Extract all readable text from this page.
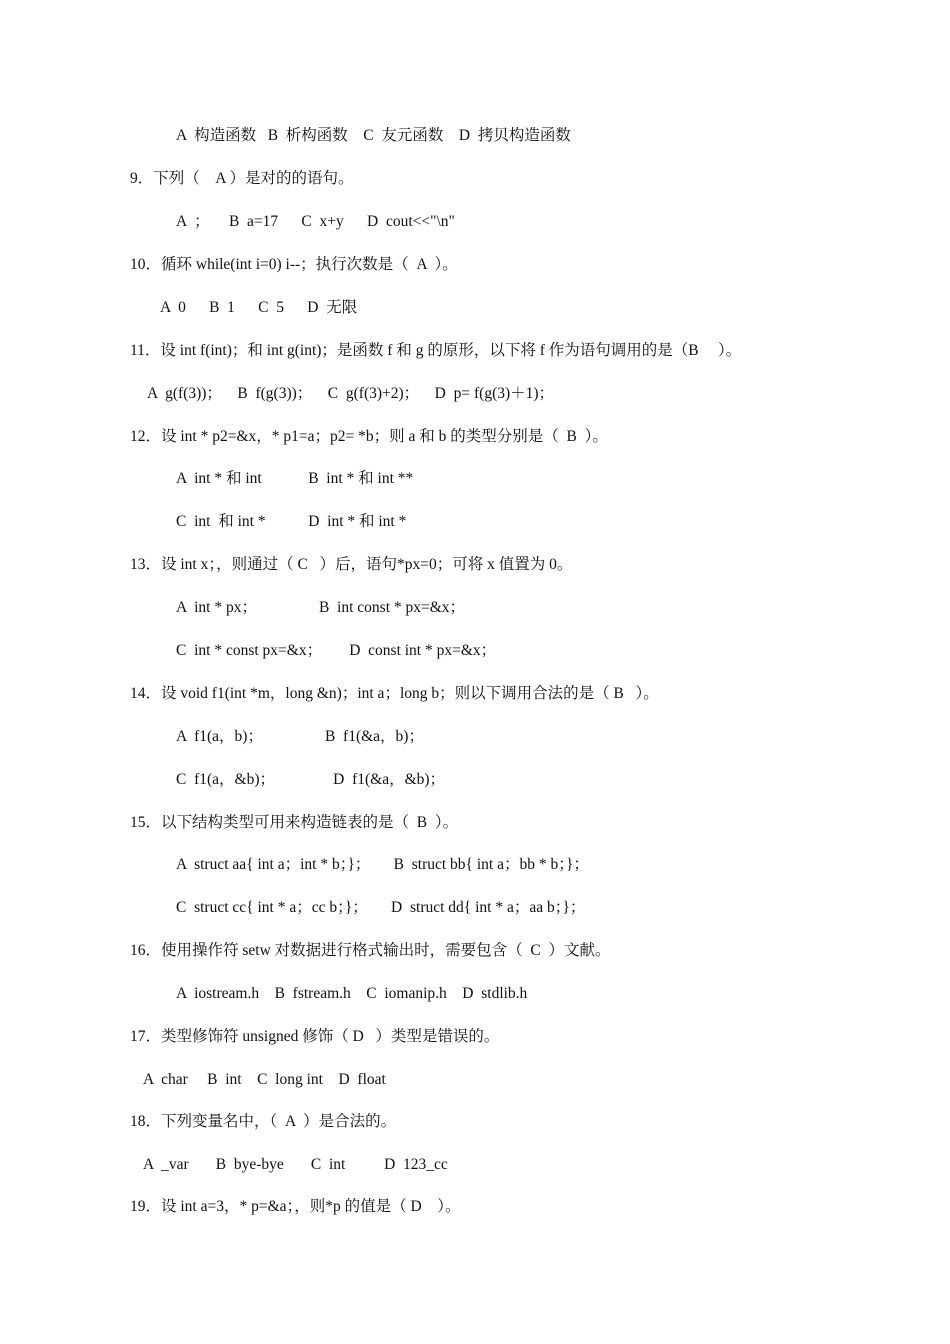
A  构造函数   B  析构函数    C  友元函数    D  拷贝构造函数
9．下列（    A ）是对的的语句。
A  ；     B  a=17      C  x+y      D  cout<<"\n"
10．循环 while(int i=0) i--；执行次数是（  A  ）。
A  0      B  1      C  5      D  无限
11．设 int f(int)；和 int g(int)；是函数 f 和 g 的原形，以下将 f 作为语句调用的是（B     ）。
A  g(f(3))；    B  f(g(3))；    C  g(f(3)+2)；    D  p= f(g(3)＋1)；
12．设 int * p2=&x，* p1=a；p2= *b；则 a 和 b 的类型分别是（  B  ）。
A  int * 和 int            B  int * 和 int **
C  int  和 int *           D  int * 和 int *
13．设 int x；，则通过（ C   ）后，语句*px=0；可将 x 值置为 0。
A  int * px；                B  int const * px=&x；
C  int * const px=&x；       D  const int * px=&x；
14．设 void f1(int *m，long &n)；int a；long b；则以下调用合法的是（ B   ）。
A  f1(a，b)；                B  f1(&a，b)；
C  f1(a，&b)；               D  f1(&a，&b)；
15．以下结构类型可用来构造链表的是（  B  ）。
A  struct aa{ int a；int * b；}；      B  struct bb{ int a；bb * b；}；
C  struct cc{ int * a；cc b；}；      D  struct dd{ int * a；aa b；}；
16．使用操作符 setw 对数据进行格式输出时，需要包含（  C  ）文献。
A  iostream.h    B  fstream.h    C  iomanip.h    D  stdlib.h
17．类型修饰符 unsigned 修饰（ D   ）类型是错误的。
A  char     B  int    C  long int    D  float
18．下列变量名中，（  A  ）是合法的。
A  _var       B  bye-bye       C  int          D  123_cc
19．设 int a=3，* p=&a；，则*p 的值是（ D    ）。
